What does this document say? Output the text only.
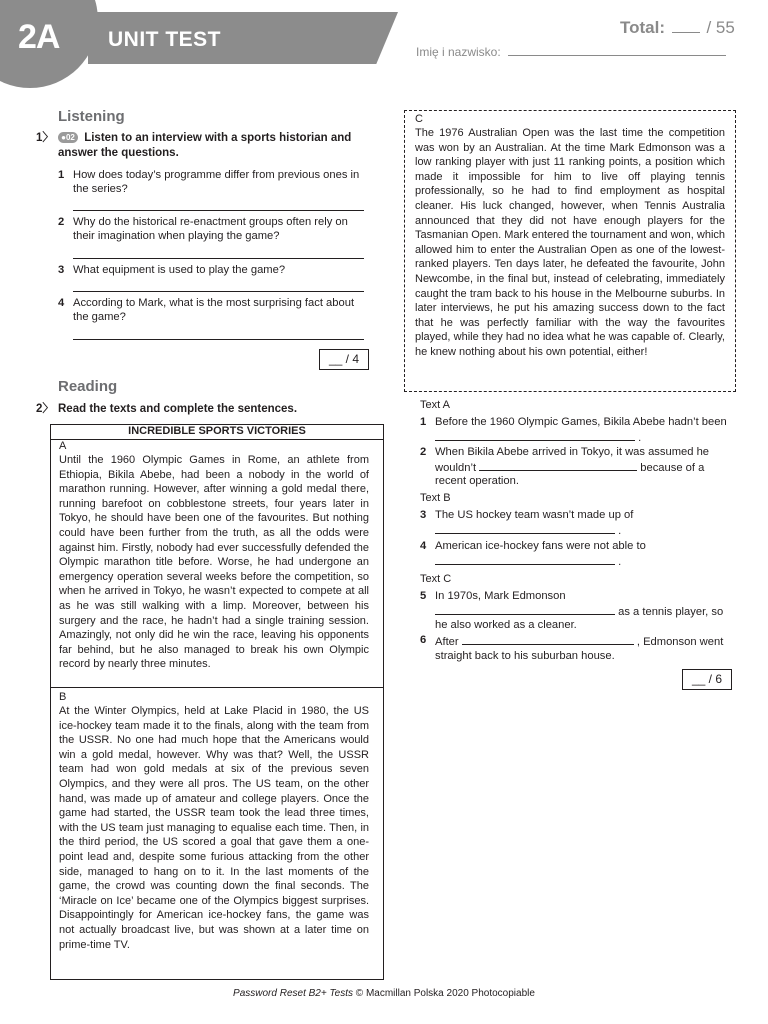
2A UNIT TEST
Total: / 55
Imię i nazwisko:
Listening
1〉 ●02 Listen to an interview with a sports historian and answer the questions.
1 How does today’s programme differ from previous ones in the series?
2 Why do the historical re-enactment groups often rely on their imagination when playing the game?
3 What equipment is used to play the game?
4 According to Mark, what is the most surprising fact about the game?
__ / 4
Reading
2〉 Read the texts and complete the sentences.
INCREDIBLE SPORTS VICTORIES
A
Until the 1960 Olympic Games in Rome, an athlete from Ethiopia, Bikila Abebe, had been a nobody in the world of marathon running. However, after winning a gold medal there, running barefoot on cobblestone streets, four years later in Tokyo, he should have been one of the favourites. But nothing could have been further from the truth, as all the odds were against him. Firstly, nobody had ever successfully defended the Olympic marathon title before. Worse, he had undergone an emergency operation several weeks before the competition, so when he arrived in Tokyo, he wasn’t expected to compete at all as he was still walking with a limp. Moreover, between his surgery and the race, he hadn’t had a single training session. Amazingly, not only did he win the race, leaving his opponents far behind, but he also managed to break his own Olympic record by nearly three minutes.
B
At the Winter Olympics, held at Lake Placid in 1980, the US ice-hockey team made it to the finals, along with the team from the USSR. No one had much hope that the Americans would win a gold medal, however. Why was that? Well, the USSR team had won gold medals at six of the previous seven Olympics, and they were all pros. The US team, on the other hand, was made up of amateur and college players. Once the game had started, the USSR team took the lead three times, with the US team just managing to equalise each time. Then, in the third period, the US scored a goal that gave them a one-point lead and, despite some furious attacking from the other side, managed to hang on to it. In the last moments of the game, the crowd was counting down the final seconds. The ‘Miracle on Ice’ became one of the Olympics biggest surprises. Disappointingly for American ice-hockey fans, the game was not actually broadcast live, but was shown at a later time on prime-time TV.
C
The 1976 Australian Open was the last time the competition was won by an Australian. At the time Mark Edmonson was a low ranking player with just 11 ranking points, a position which made it impossible for him to live off playing tennis professionally, so he had to find employment as hospital cleaner. His luck changed, however, when Tennis Australia announced that they did not have enough players for the Tasmanian Open. Mark entered the tournament and won, which allowed him to enter the Australian Open as one of the lowest-ranked players. Ten days later, he defeated the favourite, John Newcombe, in the final but, instead of celebrating, immediately caught the tram back to his house in the Melbourne suburbs. In later interviews, he put his amazing success down to the fact that he was perfectly familiar with the way the favourites played, while they had no idea what he was capable of. Clearly, he knew nothing about his own potential, either!
Text A
1 Before the 1960 Olympic Games, Bikila Abebe hadn’t been  .
2 When Bikila Abebe arrived in Tokyo, it was assumed he wouldn’t	because of a recent operation.
Text B
3 The US hockey team wasn’t made up of
.
4 American ice-hockey fans were not able to
.
Text C
5 In 1970s, Mark Edmonson
as a tennis player, so he also worked as a cleaner.
6 After	, Edmonson went straight back to his suburban house.
__ / 6
Password Reset B2+ Tests © Macmillan Polska 2020 Photocopiable
